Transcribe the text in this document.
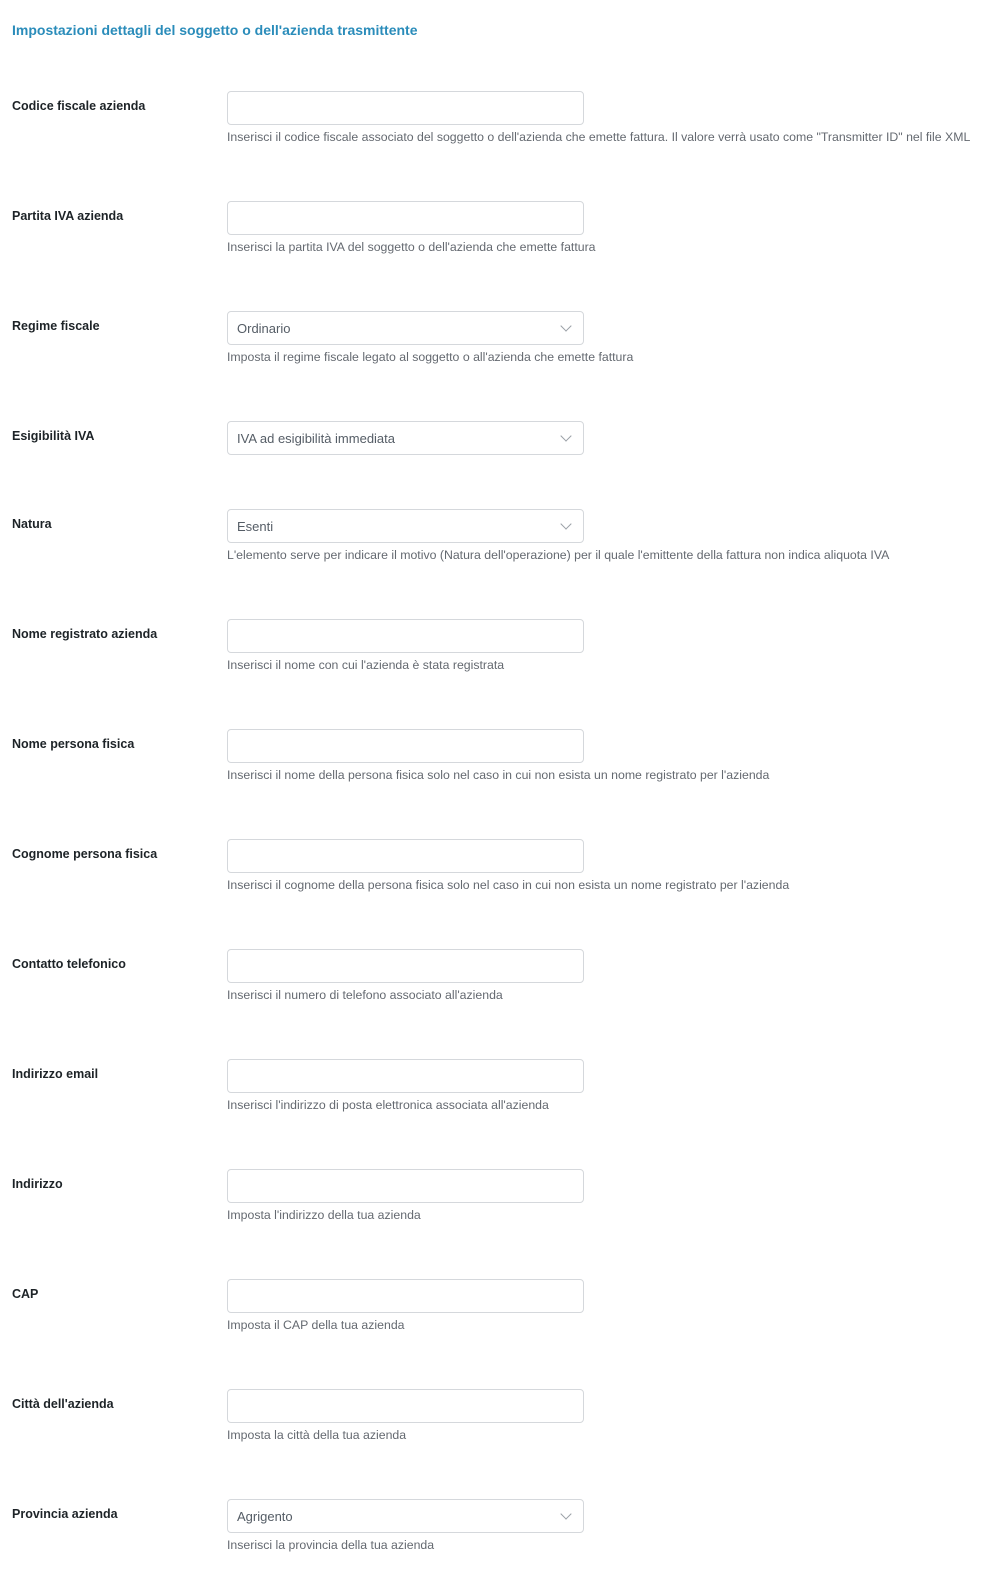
Impostazioni dettagli del soggetto o dell'azienda trasmittente
Codice fiscale azienda
Inserisci il codice fiscale associato del soggetto o dell'azienda che emette fattura. Il valore verrà usato come "Transmitter ID" nel file XML
Partita IVA azienda
Inserisci la partita IVA del soggetto o dell'azienda che emette fattura
Regime fiscale	Ordinario
Imposta il regime fiscale legato al soggetto o all'azienda che emette fattura
Esigibilità IVA	IVA ad esigibilità immediata
Natura	Esenti
L'elemento serve per indicare il motivo (Natura dell'operazione) per il quale l'emittente della fattura non indica aliquota IVA
Nome registrato azienda
Inserisci il nome con cui l'azienda è stata registrata
Nome persona fisica
Inserisci il nome della persona fisica solo nel caso in cui non esista un nome registrato per l'azienda
Cognome persona fisica
Inserisci il cognome della persona fisica solo nel caso in cui non esista un nome registrato per l'azienda
Contatto telefonico
Inserisci il numero di telefono associato all'azienda
Indirizzo email
Inserisci l'indirizzo di posta elettronica associata all'azienda
Indirizzo
Imposta l'indirizzo della tua azienda
CAP
Imposta il CAP della tua azienda
Città dell'azienda
Imposta la città della tua azienda
Provincia azienda	Agrigento
Inserisci la provincia della tua azienda
